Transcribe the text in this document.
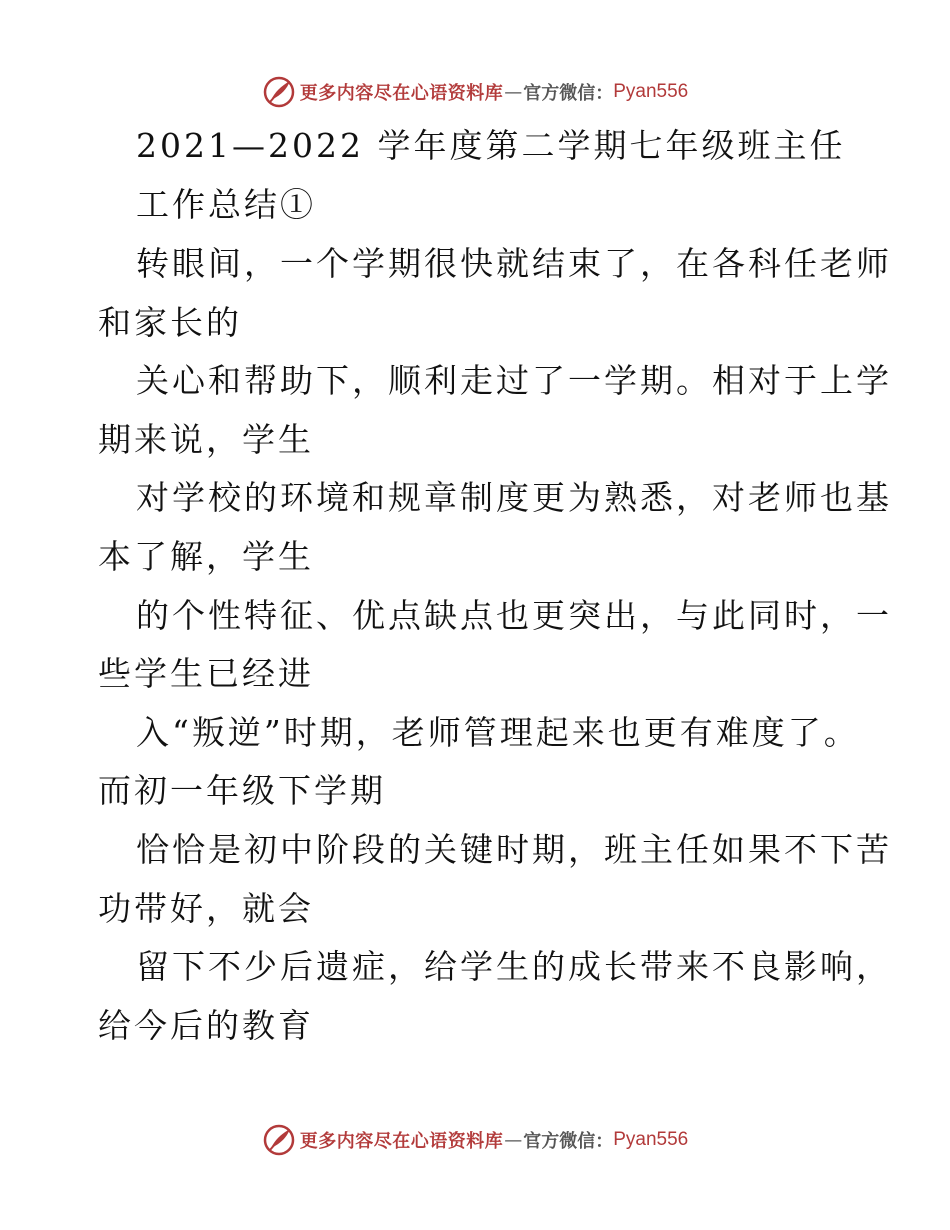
更多内容尽在心语资料库 — 官方微信： Pyan556
2021—2022 学年度第二学期七年级班主任
工作总结①
转眼间，一个学期很快就结束了，在各科任老师
和家长的
关心和帮助下，顺利走过了一学期。相对于上学
期来说，学生
对学校的环境和规章制度更为熟悉，对老师也基
本了解，学生
的个性特征、优点缺点也更突出，与此同时，一
些学生已经进
入“叛逆”时期，老师管理起来也更有难度了。
而初一年级下学期
恰恰是初中阶段的关键时期，班主任如果不下苦
功带好，就会
留下不少后遗症，给学生的成长带来不良影响，
给今后的教育
更多内容尽在心语资料库 — 官方微信： Pyan556
